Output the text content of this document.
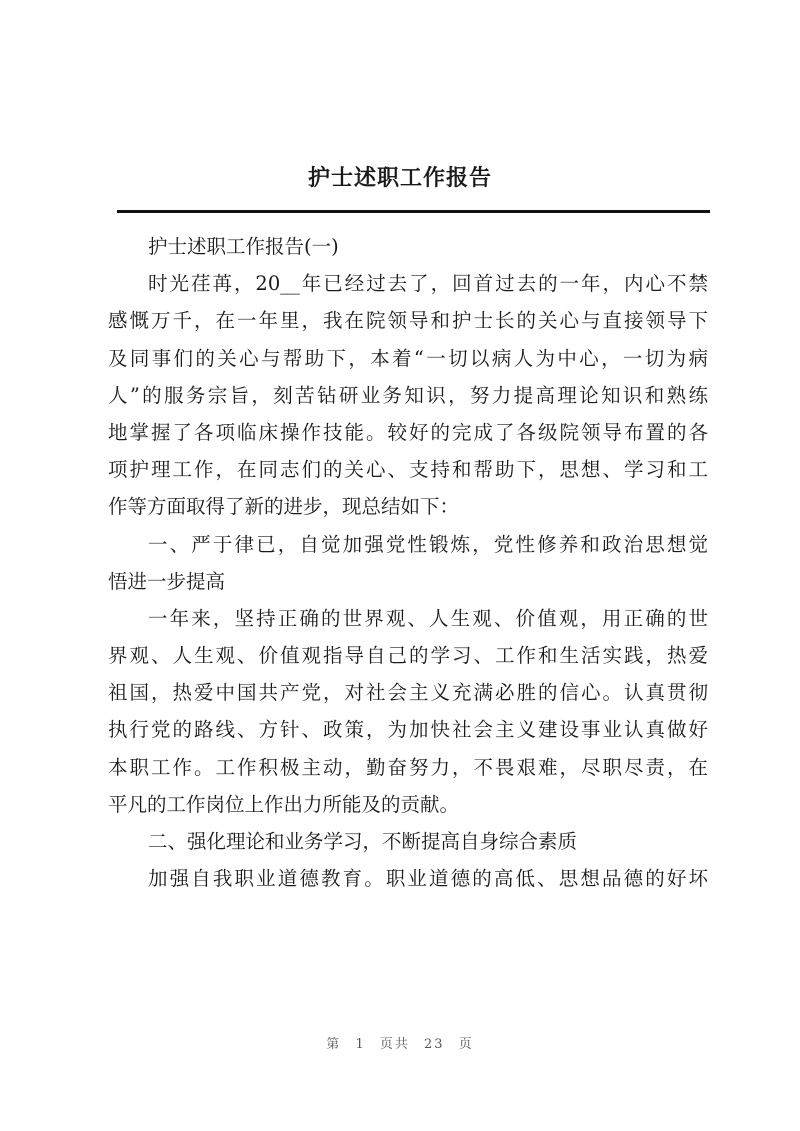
护士述职工作报告
护士述职工作报告(一)
时光荏苒，20__年已经过去了，回首过去的一年，内心不禁
感慨万千，在一年里，我在院领导和护士长的关心与直接领导下
及同事们的关心与帮助下，本着“一切以病人为中心，一切为病
人”的服务宗旨，刻苦钻研业务知识，努力提高理论知识和熟练
地掌握了各项临床操作技能。较好的完成了各级院领导布置的各
项护理工作，在同志们的关心、支持和帮助下，思想、学习和工
作等方面取得了新的进步，现总结如下：
一、严于律已，自觉加强党性锻炼，党性修养和政治思想觉
悟进一步提高
一年来，坚持正确的世界观、人生观、价值观，用正确的世
界观、人生观、价值观指导自己的学习、工作和生活实践，热爱
祖国，热爱中国共产党，对社会主义充满必胜的信心。认真贯彻
执行党的路线、方针、政策，为加快社会主义建设事业认真做好
本职工作。工作积极主动，勤奋努力，不畏艰难，尽职尽责，在
平凡的工作岗位上作出力所能及的贡献。
二、强化理论和业务学习，不断提高自身综合素质
加强自我职业道德教育。职业道德的高低、思想品德的好坏
第 1 页共 23 页
